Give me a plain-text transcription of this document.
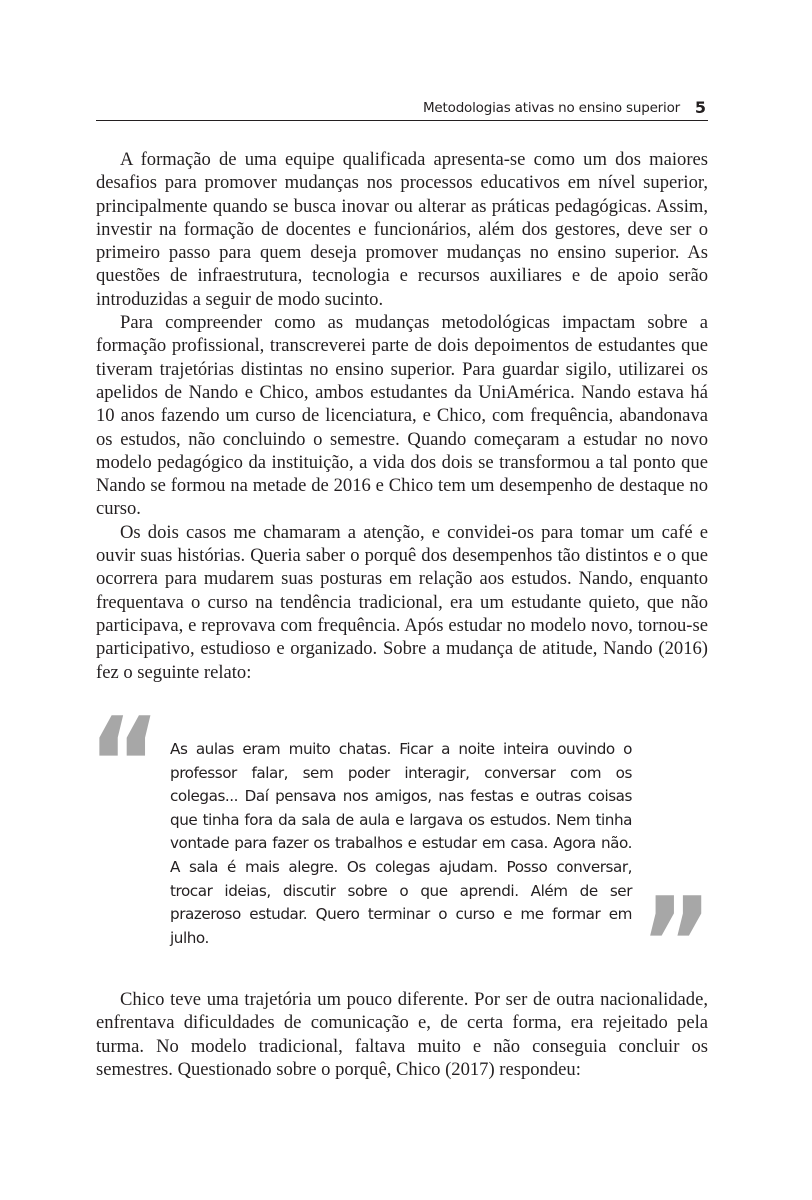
Metodologias ativas no ensino superior 5

A formação de uma equipe qualificada apresenta-se como um dos maiores desafios para promover mudanças nos processos educativos em nível superior, principalmente quando se busca inovar ou alterar as práticas pedagógicas. Assim, investir na formação de docentes e funcionários, além dos gestores, deve ser o primeiro passo para quem deseja promover mudanças no ensino superior. As questões de infraestrutura, tecnologia e recursos auxiliares e de apoio serão introduzidas a seguir de modo sucinto.

Para compreender como as mudanças metodológicas impactam sobre a formação profissional, transcreverei parte de dois depoimentos de estudantes que tiveram trajetórias distintas no ensino superior. Para guardar sigilo, utilizarei os apelidos de Nando e Chico, ambos estudantes da UniAmérica. Nando estava há 10 anos fazendo um curso de licenciatura, e Chico, com frequência, abandonava os estudos, não concluindo o semestre. Quando começaram a estudar no novo modelo pedagógico da instituição, a vida dos dois se transformou a tal ponto que Nando se formou na metade de 2016 e Chico tem um desempenho de destaque no curso.

Os dois casos me chamaram a atenção, e convidei-os para tomar um café e ouvir suas histórias. Queria saber o porquê dos desempenhos tão distintos e o que ocorrera para mudarem suas posturas em relação aos estudos. Nando, enquanto frequentava o curso na tendência tradicional, era um estudante quieto, que não participava, e reprovava com frequência. Após estudar no modelo novo, tornou-se participativo, estudioso e organizado. Sobre a mudança de atitude, Nando (2016) fez o seguinte relato:

“ As aulas eram muito chatas. Ficar a noite inteira ouvindo o professor falar, sem poder interagir, conversar com os colegas... Daí pensava nos amigos, nas festas e outras coisas que tinha fora da sala de aula e largava os estudos. Nem tinha vontade para fazer os trabalhos e estudar em casa. Agora não. A sala é mais alegre. Os colegas ajudam. Posso conversar, trocar ideias, discutir sobre o que aprendi. Além de ser prazeroso estudar. Quero terminar o curso e me formar em julho.	”

Chico teve uma trajetória um pouco diferente. Por ser de outra nacionalidade, enfrentava dificuldades de comunicação e, de certa forma, era rejeitado pela turma. No modelo tradicional, faltava muito e não conseguia concluir os semestres. Questionado sobre o porquê, Chico (2017) respondeu:
